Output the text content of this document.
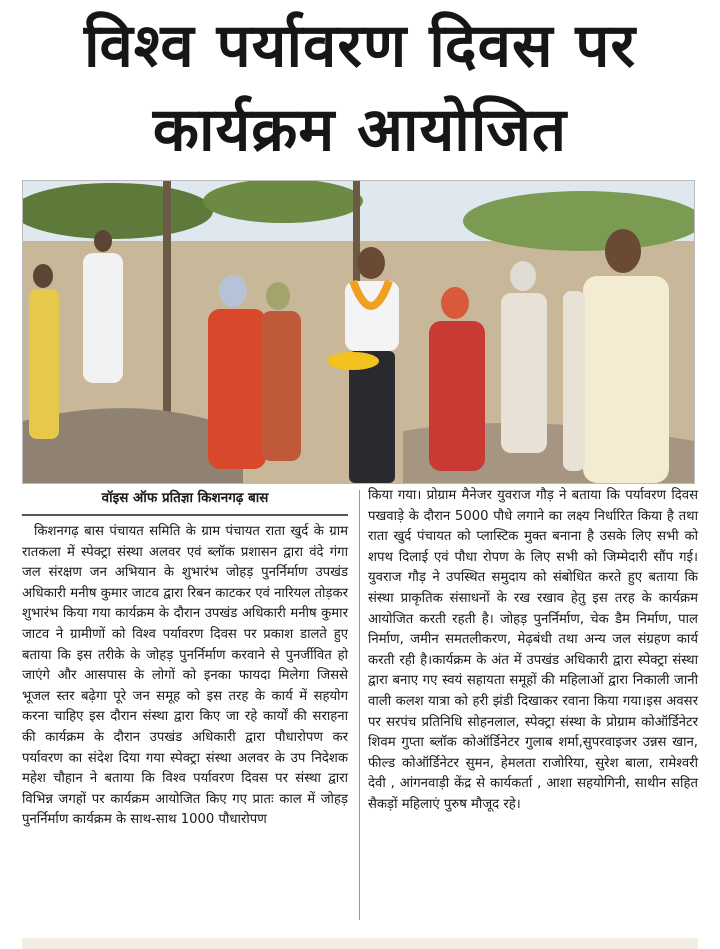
विश्व पर्यावरण दिवस पर
कार्यक्रम आयोजित
वॉइस ऑफ प्रतिज्ञा किशनगढ़ बास

किशनगढ़ बास पंचायत समिति के ग्राम पंचायत राता खुर्द के ग्राम रातकला में स्पेक्ट्रा संस्था अलवर एवं ब्लॉक प्रशासन द्वारा वंदे गंगा जल संरक्षण जन अभियान के शुभारंभ जोहड़ पुनर्निर्माण उपखंड अधिकारी मनीष कुमार जाटव द्वारा रिबन काटकर एवं नारियल तोड़कर शुभारंभ किया गया कार्यक्रम के दौरान उपखंड अधिकारी मनीष कुमार जाटव ने ग्रामीणों को विश्व पर्यावरण दिवस पर प्रकाश डालते हुए बताया कि इस तरीके के जोहड़ पुनर्निर्माण करवाने से पुनर्जीवित हो जाएंगे और आसपास के लोगों को इनका फायदा मिलेगा जिससे भूजल स्तर बढ़ेगा पूरे जन समूह को इस तरह के कार्य में सहयोग करना चाहिए इस दौरान संस्था द्वारा किए जा रहे कार्यों की सराहना की कार्यक्रम के दौरान उपखंड अधिकारी द्वारा पौधारोपण कर पर्यावरण का संदेश दिया गया स्पेक्ट्रा संस्था अलवर के उप निदेशक महेश चौहान ने बताया कि विश्व पर्यावरण दिवस पर संस्था द्वारा विभिन्न जगहों पर कार्यक्रम आयोजित किए गए प्रातः काल में जोहड़ पुनर्निर्माण कार्यक्रम के साथ-साथ 1000 पौधारोपण

किया गया। प्रोग्राम मैनेजर युवराज गौड़ ने बताया कि पर्यावरण दिवस पखवाड़े के दौरान 5000 पौधे लगाने का लक्ष्य निर्धारित किया है तथा राता खुर्द पंचायत को प्लास्टिक मुक्त बनाना है उसके लिए सभी को शपथ दिलाई एवं पौधा रोपण के लिए सभी को जिम्मेदारी सौंप गई। युवराज गौड़ ने उपस्थित समुदाय को संबोधित करते हुए बताया कि संस्था प्राकृतिक संसाधनों के रख रखाव हेतु इस तरह के कार्यक्रम आयोजित करती रहती है। जोहड़ पुनर्निर्माण, चेक डैम निर्माण, पाल निर्माण, जमीन समतलीकरण, मेढ़बंधी तथा अन्य जल संग्रहण कार्य करती रही है।कार्यक्रम के अंत में उपखंड अधिकारी द्वारा स्पेक्ट्रा संस्था द्वारा बनाए गए स्वयं सहायता समूहों की महिलाओं द्वारा निकाली जानी वाली कलश यात्रा को हरी झंडी दिखाकर रवाना किया गया।इस अवसर पर सरपंच प्रतिनिधि सोहनलाल, स्पेक्ट्रा संस्था के प्रोग्राम कोऑर्डिनेटर शिवम गुप्ता ब्लॉक कोऑर्डिनेटर गुलाब शर्मा,सुपरवाइजर उन्नस खान, फील्ड कोऑर्डिनेटर सुमन, हेमलता राजोरिया, सुरेश बाला, रामेश्वरी देवी , आंगनवाड़ी केंद्र से कार्यकर्ता , आशा सहयोगिनी, साथीन सहित सैकड़ों महिलाएं पुरुष मौजूद रहे।
